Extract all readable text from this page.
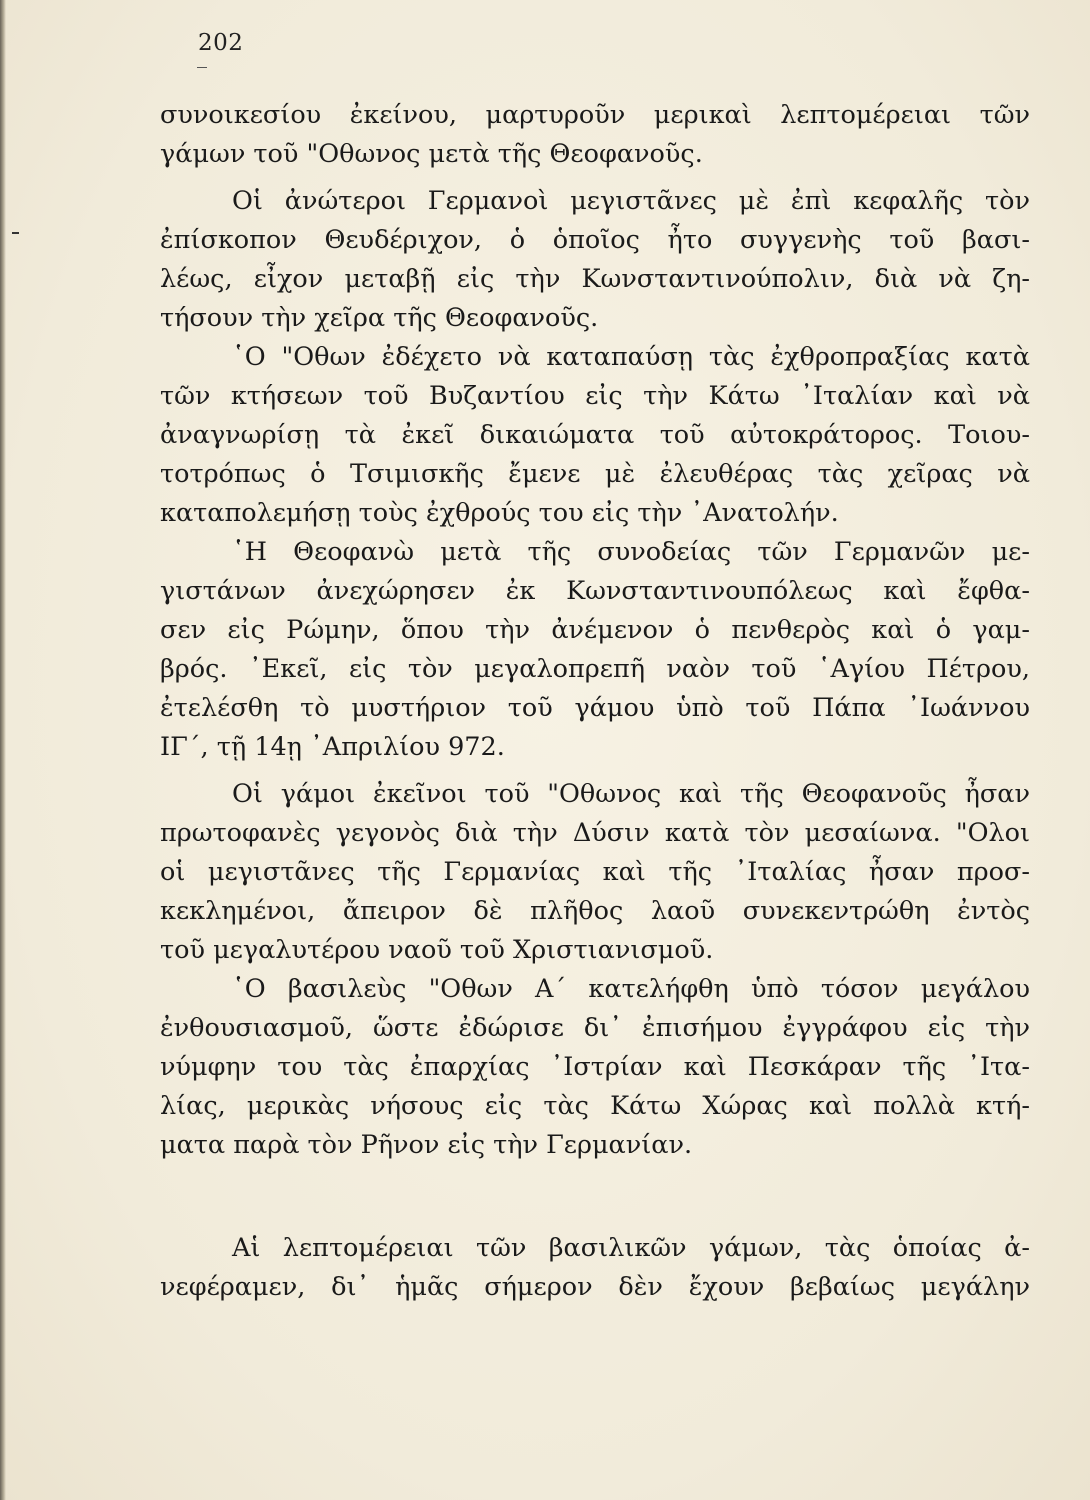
202
συνοικεσίου ἐκείνου, μαρτυροῦν μερικαὶ λεπτομέρειαι τῶν
γάμων τοῦ "Οθωνος μετὰ τῆς Θεοφανοῦς.
Οἱ ἀνώτεροι Γερμανοὶ μεγιστᾶνες μὲ ἐπὶ κεφαλῆς τὸν
ἐπίσκοπον Θευδέριχον, ὁ ὁποῖος ἦτο συγγενὴς τοῦ βασι-
λέως, εἶχον μεταβῇ εἰς τὴν Κωνσταντινούπολιν, διὰ νὰ ζη-
τήσουν τὴν χεῖρα τῆς Θεοφανοῦς.
῾Ο "Οθων ἐδέχετο νὰ καταπαύσῃ τὰς ἐχθροπραξίας κατὰ
τῶν κτήσεων τοῦ Βυζαντίου εἰς τὴν Κάτω ᾿Ιταλίαν καὶ νὰ
ἀναγνωρίσῃ τὰ ἐκεῖ δικαιώματα τοῦ αὐτοκράτορος. Τοιου-
τοτρόπως ὁ Τσιμισκῆς ἔμενε μὲ ἐλευθέρας τὰς χεῖρας νὰ
καταπολεμήσῃ τοὺς ἐχθρούς του εἰς τὴν ᾿Ανατολήν.
῾Η Θεοφανὼ μετὰ τῆς συνοδείας τῶν Γερμανῶν με-
γιστάνων ἀνεχώρησεν ἐκ Κωνσταντινουπόλεως καὶ ἔφθα-
σεν εἰς Ρώμην, ὅπου τὴν ἀνέμενον ὁ πενθερὸς καὶ ὁ γαμ-
βρός. ᾿Εκεῖ, εἰς τὸν μεγαλοπρεπῆ ναὸν τοῦ ῾Αγίου Πέτρου,
ἐτελέσθη τὸ μυστήριον τοῦ γάμου ὑπὸ τοῦ Πάπα ᾿Ιωάννου
ΙΓ΄, τῇ 14ῃ ᾿Απριλίου 972.
Οἱ γάμοι ἐκεῖνοι τοῦ "Οθωνος καὶ τῆς Θεοφανοῦς ἦσαν
πρωτοφανὲς γεγονὸς διὰ τὴν Δύσιν κατὰ τὸν μεσαίωνα. "Ολοι
οἱ μεγιστᾶνες τῆς Γερμανίας καὶ τῆς ᾿Ιταλίας ἦσαν προσ-
κεκλημένοι, ἄπειρον δὲ πλῆθος λαοῦ συνεκεντρώθη ἐντὸς
τοῦ μεγαλυτέρου ναοῦ τοῦ Χριστιανισμοῦ.
῾Ο βασιλεὺς "Οθων Α΄ κατελήφθη ὑπὸ τόσον μεγάλου
ἐνθουσιασμοῦ, ὥστε ἐδώρισε δι᾿ ἐπισήμου ἐγγράφου εἰς τὴν
νύμφην του τὰς ἐπαρχίας ᾿Ιστρίαν καὶ Πεσκάραν τῆς ᾿Ιτα-
λίας, μερικὰς νήσους εἰς τὰς Κάτω Χώρας καὶ πολλὰ κτή-
ματα παρὰ τὸν Ρῆνον εἰς τὴν Γερμανίαν.
Αἱ λεπτομέρειαι τῶν βασιλικῶν γάμων, τὰς ὁποίας ἀ-
νεφέραμεν, δι᾿ ἡμᾶς σήμερον δὲν ἔχουν βεβαίως μεγάλην
